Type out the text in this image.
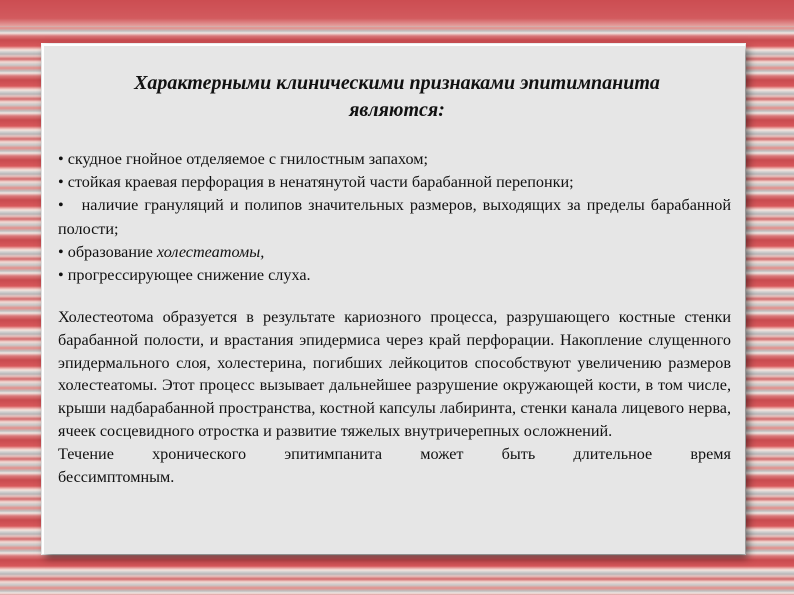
Характерными клиническими признаками эпитимпанита
являются:
• скудное гнойное отделяемое с гнилостным запахом;
• стойкая краевая перфорация в ненатянутой части барабанной перепонки;
• наличие грануляций и полипов значительных размеров, выходящих за пределы барабанной полости;
• образование холестеатомы,
• прогрессирующее снижение слуха.

Холестеотома образуется в результате кариозного процесса, разрушающего костные стенки барабанной полости, и врастания эпидермиса через край перфорации. Накопление слущенного эпидермального слоя, холестерина, погибших лейкоцитов способствуют увеличению размеров холестеатомы. Этот процесс вызывает дальнейшее разрушение окружающей кости, в том числе, крыши надбарабанной пространства, костной капсулы лабиринта, стенки канала лицевого нерва, ячеек сосцевидного отростка и развитие тяжелых внутричерепных осложнений.

Течение хронического эпитимпанита может быть длительное время

бессимптомным.
